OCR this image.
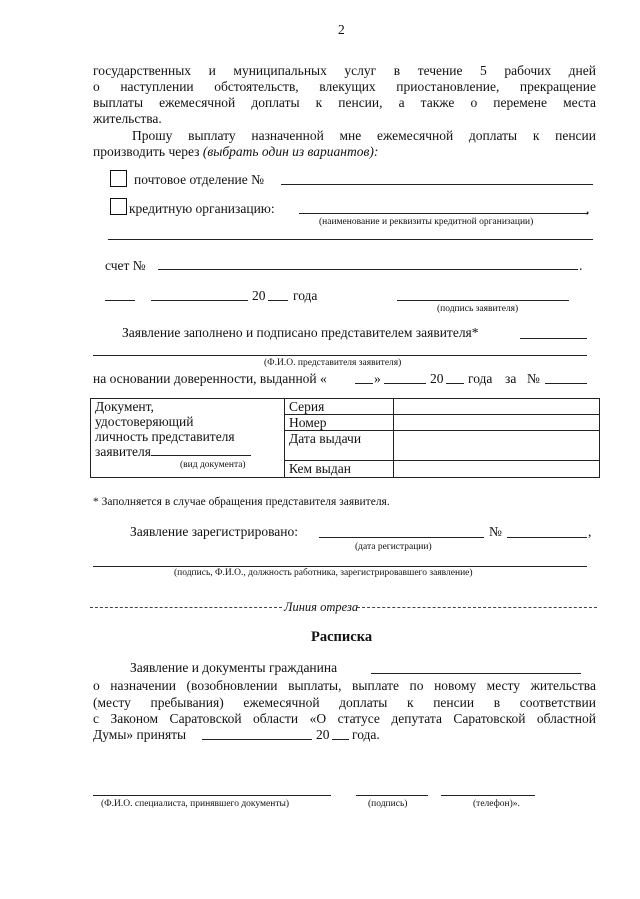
2
государственных и муниципальных услуг в течение 5 рабочих дней
о наступлении обстоятельств, влекущих приостановление, прекращение
выплаты ежемесячной доплаты к пенсии, а также о перемене места
жительства.
Прошу выплату назначенной мне ежемесячной доплаты к пенсии
производить через (выбрать один из вариантов):
почтовое отделение №
кредитную организацию:	,
(наименование и реквизиты кредитной организации)
счет №	.
20 года
(подпись заявителя)
Заявление заполнено и подписано представителем заявителя*
(Ф.И.О. представителя заявителя)
на основании доверенности, выданной «	»	20 года за №
Документ,
удостоверяющий
личность представителя
заявителя
(вид документа)	Серия	
	Номер	
	Дата выдачи	
	Кем выдан	
* Заполняется в случае обращения представителя заявителя.
Заявление зарегистрировано:	№	,
(дата регистрации)
(подпись, Ф.И.О., должность работника, зарегистрировавшего заявление)
Линия отреза
Расписка
Заявление и документы гражданина
о назначении (возобновлении выплаты, выплате по новому месту жительства
(месту пребывания) ежемесячной доплаты к пенсии в соответствии
с Законом Саратовской области «О статусе депутата Саратовской областной
Думы» приняты	20 года.
(Ф.И.О. специалиста, принявшего документы)	(подпись)	(телефон)».
